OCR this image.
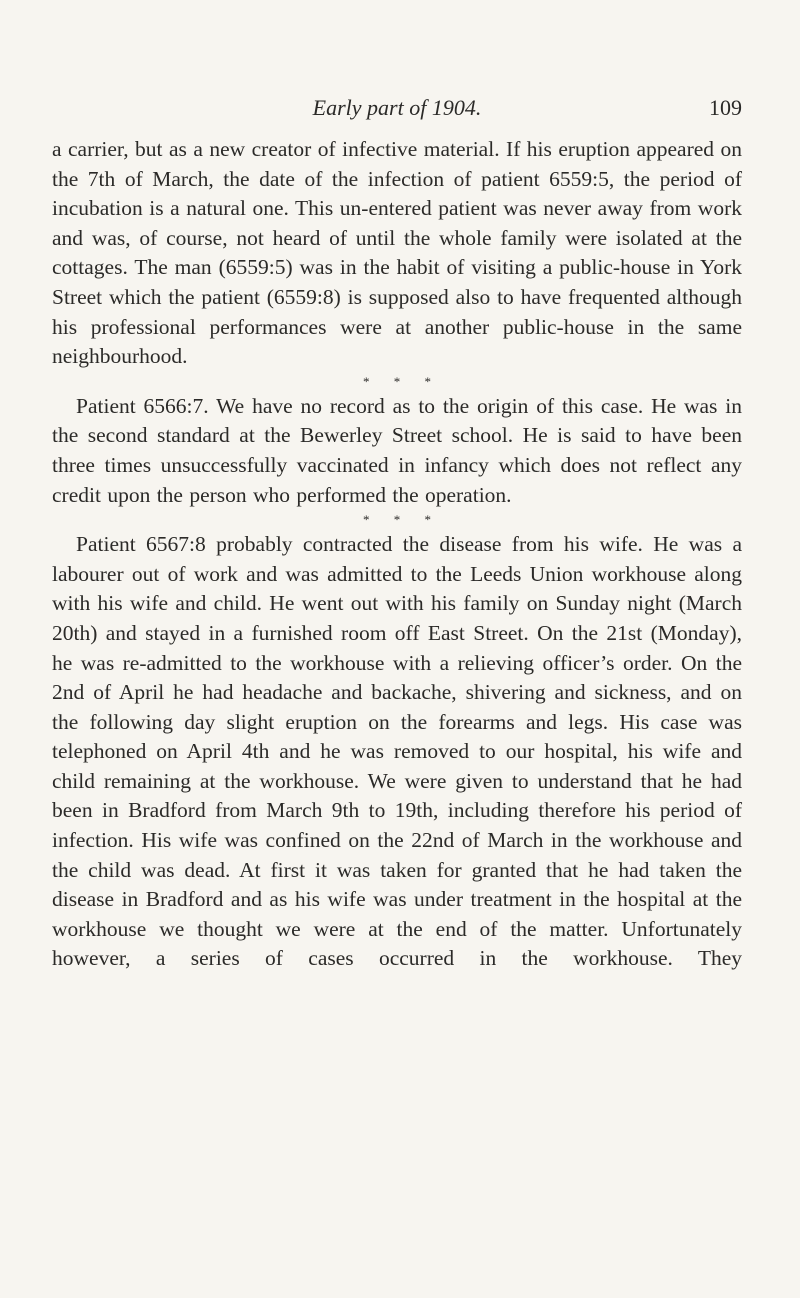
Early part of 1904.	109

a carrier, but as a new creator of infective material. If his eruption appeared on the 7th of March, the date of the infection of patient 6559:5, the period of incubation is a natural one. This un-entered patient was never away from work and was, of course, not heard of until the whole family were isolated at the cottages. The man (6559:5) was in the habit of visiting a public-house in York Street which the patient (6559:8) is supposed also to have frequented although his professional performances were at another public-house in the same neighbourhood.

* * *

Patient 6566:7. We have no record as to the origin of this case. He was in the second standard at the Bewerley Street school. He is said to have been three times unsuccessfully vaccinated in infancy which does not reflect any credit upon the person who performed the operation.

* * *

Patient 6567:8 probably contracted the disease from his wife. He was a labourer out of work and was admitted to the Leeds Union workhouse along with his wife and child. He went out with his family on Sunday night (March 20th) and stayed in a furnished room off East Street. On the 21st (Monday), he was re-admitted to the workhouse with a relieving officer’s order. On the 2nd of April he had headache and backache, shivering and sickness, and on the following day slight eruption on the forearms and legs. His case was telephoned on April 4th and he was removed to our hospital, his wife and child remaining at the workhouse. We were given to understand that he had been in Bradford from March 9th to 19th, including therefore his period of infection. His wife was confined on the 22nd of March in the workhouse and the child was dead. At first it was taken for granted that he had taken the disease in Bradford and as his wife was under treatment in the hospital at the workhouse we thought we were at the end of the matter. Unfortunately however, a series of cases occurred in the workhouse. They
